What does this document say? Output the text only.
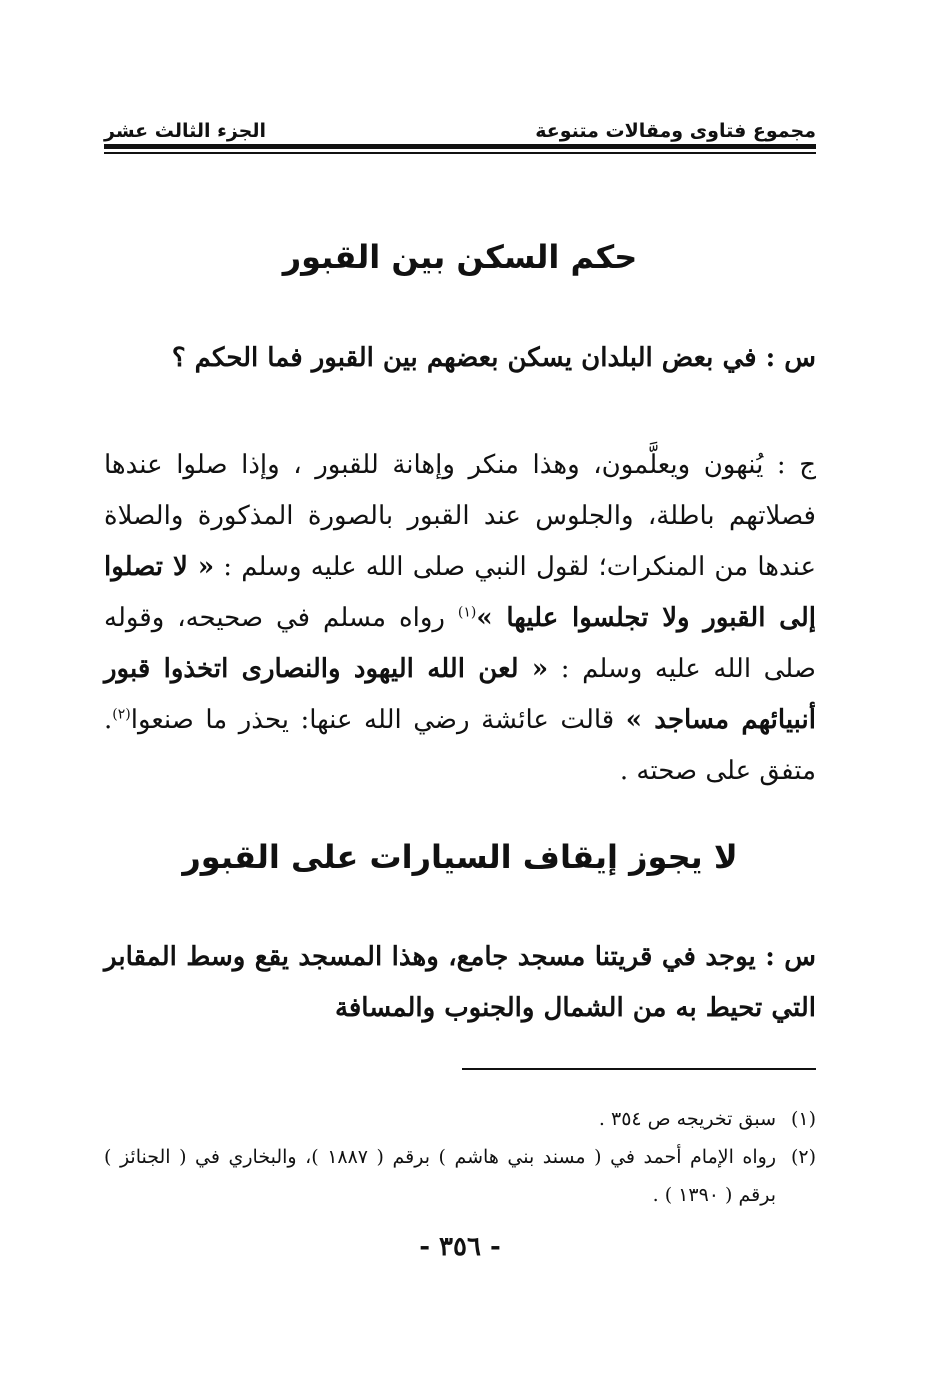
الجزء الثالث عشر	مجموع فتاوى ومقالات متنوعة
حكم السكن بين القبور

س : في بعض البلدان يسكن بعضهم بين القبور فما الحكم ؟

ج : يُنهون ويعلَّمون، وهذا منكر وإهانة للقبور ، وإذا صلوا عندها فصلاتهم باطلة، والجلوس عند القبور بالصورة المذكورة والصلاة عندها من المنكرات؛ لقول النبي صلى الله عليه وسلم : « لا تصلوا إلى القبور ولا تجلسوا عليها »$^{(١)}$ رواه مسلم في صحيحه، وقوله صلى الله عليه وسلم : « لعن الله اليهود والنصارى اتخذوا قبور أنبيائهم مساجد » قالت عائشة رضي الله عنها: يحذر ما صنعوا$^{(٢)}$. متفق على صحته .

لا يجوز إيقاف السيارات على القبور

س : يوجد في قريتنا مسجد جامع، وهذا المسجد يقع وسط المقابر التي تحيط به من الشمال والجنوب والمسافة

(١)
سبق تخريجه ص ٣٥٤ .
(٢)
رواه الإمام أحمد في ( مسند بني هاشم ) برقم ( ١٨٨٧ )، والبخاري في ( الجنائز ) برقم ( ١٣٩٠ ) .
- ٣٥٦ -
